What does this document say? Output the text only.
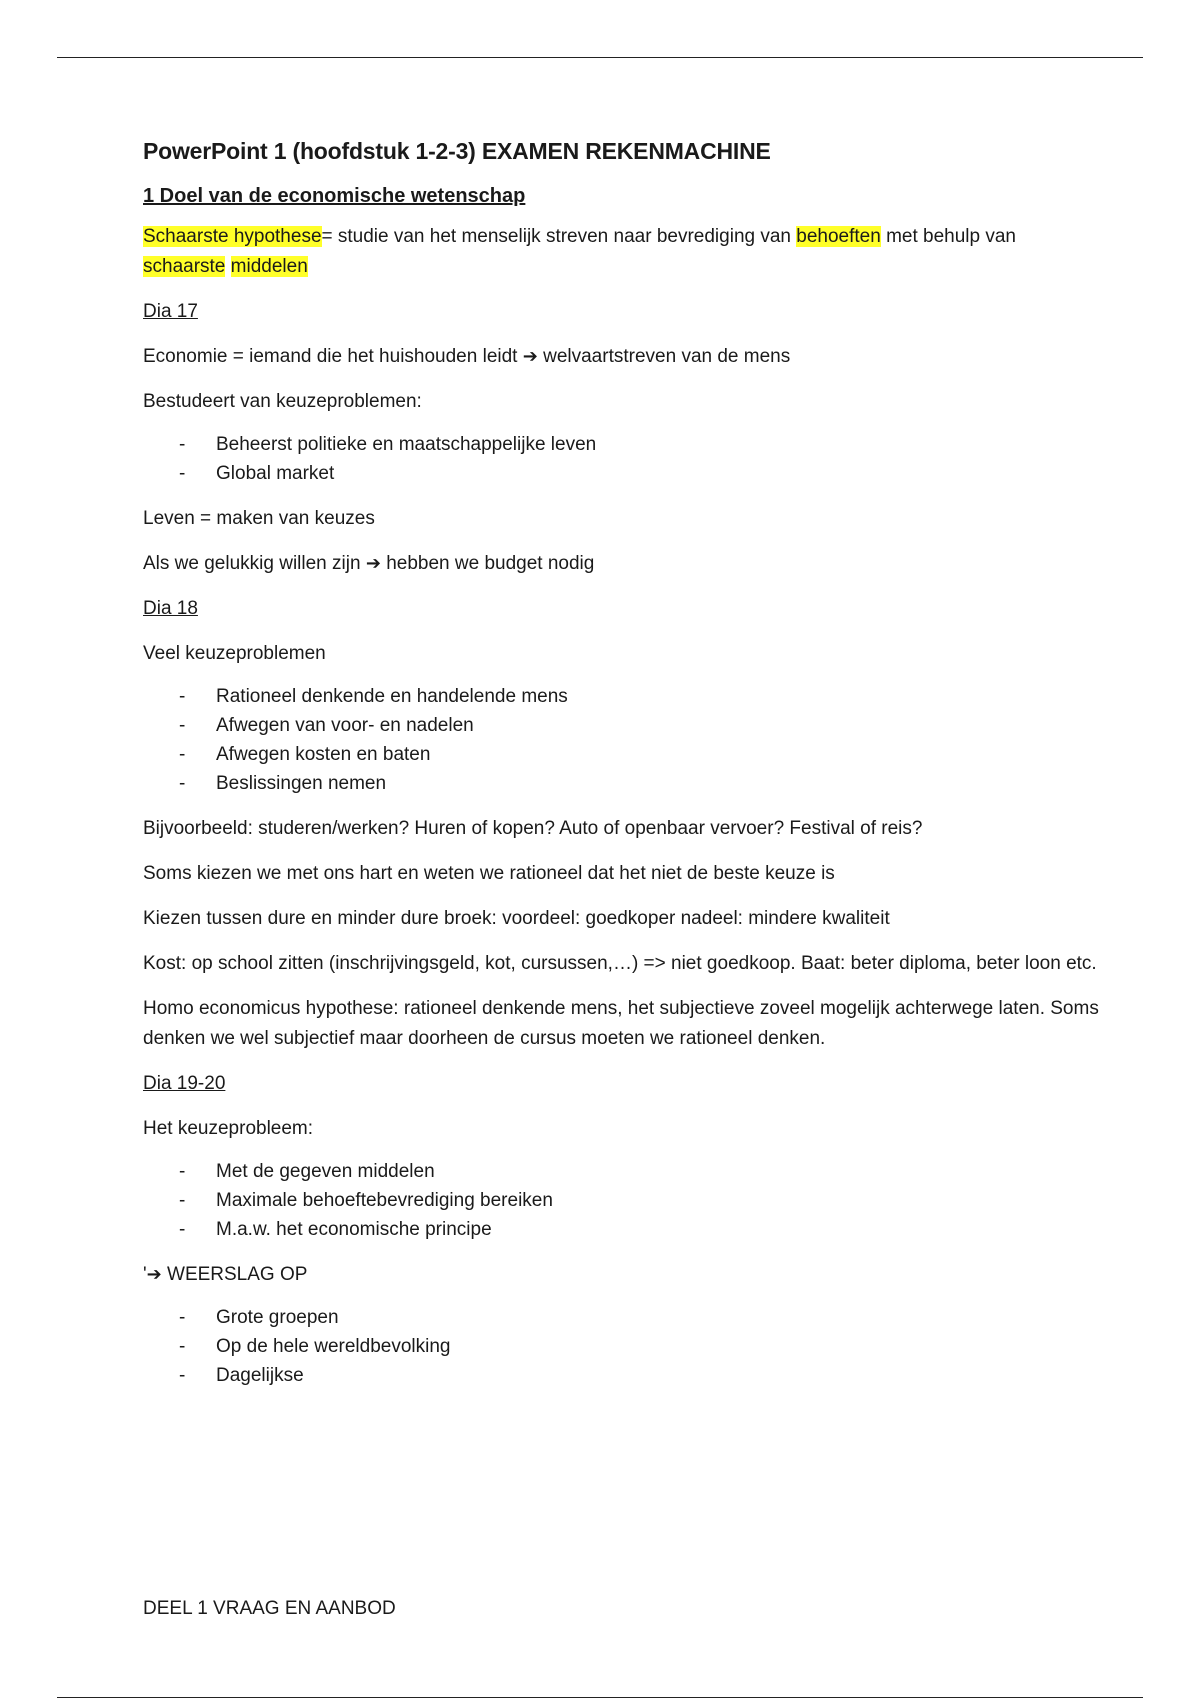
PowerPoint 1 (hoofdstuk 1-2-3) EXAMEN REKENMACHINE
1 Doel van de economische wetenschap
Schaarste hypothese= studie van het menselijk streven naar bevrediging van behoeften met behulp van schaarste middelen
Dia 17
Economie = iemand die het huishouden leidt ➔ welvaartstreven van de mens
Bestudeert van keuzeproblemen:
- Beheerst politieke en maatschappelijke leven
- Global market
Leven = maken van keuzes
Als we gelukkig willen zijn ➔ hebben we budget nodig
Dia 18
Veel keuzeproblemen
- Rationeel denkende en handelende mens
- Afwegen van voor- en nadelen
- Afwegen kosten en baten
- Beslissingen nemen
Bijvoorbeeld: studeren/werken? Huren of kopen? Auto of openbaar vervoer? Festival of reis?
Soms kiezen we met ons hart en weten we rationeel dat het niet de beste keuze is
Kiezen tussen dure en minder dure broek: voordeel: goedkoper nadeel: mindere kwaliteit
Kost: op school zitten (inschrijvingsgeld, kot, cursussen,…) => niet goedkoop. Baat: beter diploma, beter loon etc.
Homo economicus hypothese: rationeel denkende mens, het subjectieve zoveel mogelijk achterwege laten. Soms denken we wel subjectief maar doorheen de cursus moeten we rationeel denken.
Dia 19-20
Het keuzeprobleem:
- Met de gegeven middelen
- Maximale behoeftebevrediging bereiken
- M.a.w. het economische principe
'➔ WEERSLAG OP
- Grote groepen
- Op de hele wereldbevolking
- Dagelijkse
DEEL 1 VRAAG EN AANBOD
